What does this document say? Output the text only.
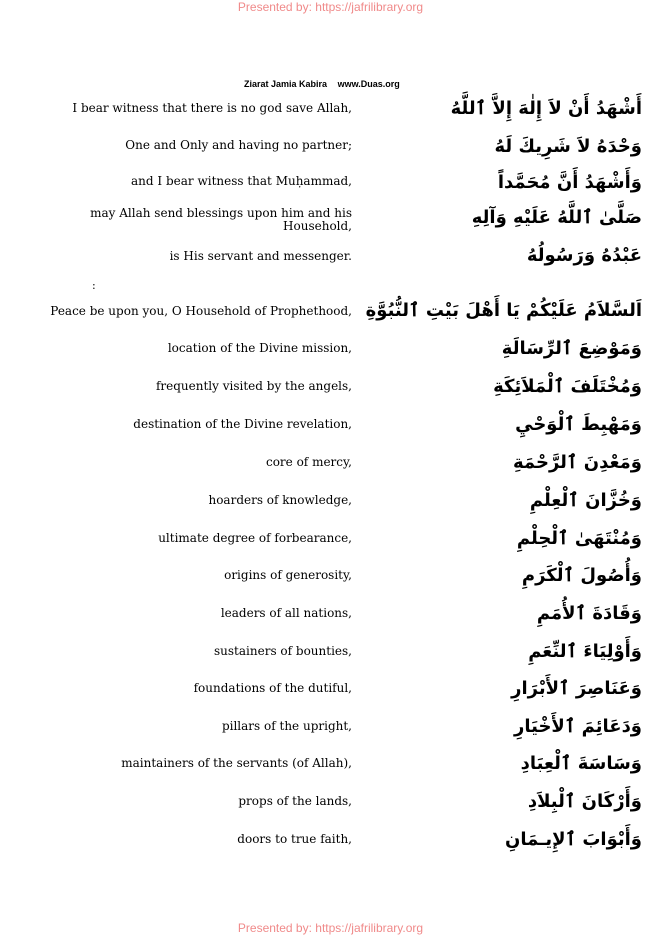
Presented by: https://jafrilibrary.org
Ziarat Jamia Kabira www.Duas.org
I bear witness that there is no god save Allah,	أَشْهَدُ أَنْ لاَ إِلٰهَ إِلاَّ ٱللَّهُ
One and Only and having no partner;	وَحْدَهُ لاَ شَرِيكَ لَهُ
and I bear witness that Muḥammad,	وَأَشْهَدُ أَنَّ مُحَمَّداً
may Allah send blessings upon him and his Household,	صَلَّىٰ ٱللَّهُ عَلَيْهِ وَآلِهِ
is His servant and messenger.	عَبْدُهُ وَرَسُولُهُ
:
Peace be upon you, O Household of Prophethood, اَلسَّلاَمُ عَلَيْكُمْ يَا أَهْلَ بَيْتِ ٱلنُّبُوَّةِ
location of the Divine mission,	وَمَوْضِعَ ٱلرِّسَالَةِ
frequently visited by the angels,	وَمُخْتَلَفَ ٱلْمَلاَئِكَةِ
destination of the Divine revelation,	وَمَهْبِطَ ٱلْوَحْيِ
core of mercy,	وَمَعْدِنَ ٱلرَّحْمَةِ
hoarders of knowledge,	وَخُزَّانَ ٱلْعِلْمِ
ultimate degree of forbearance,	وَمُنْتَهَىٰ ٱلْحِلْمِ
origins of generosity,	وَأُصُولَ ٱلْكَرَمِ
leaders of all nations,	وَقَادَةَ ٱلأُمَمِ
sustainers of bounties,	وَأَوْلِيَاءَ ٱلنِّعَمِ
foundations of the dutiful,	وَعَنَاصِرَ ٱلأَبْرَارِ
pillars of the upright,	وَدَعَائِمَ ٱلأَخْيَارِ
maintainers of the servants (of Allah),	وَسَاسَةَ ٱلْعِبَادِ
props of the lands,	وَأَرْكَانَ ٱلْبِلاَدِ
doors to true faith,	وَأَبْوَابَ ٱلإِيـمَانِ
Presented by: https://jafrilibrary.org
